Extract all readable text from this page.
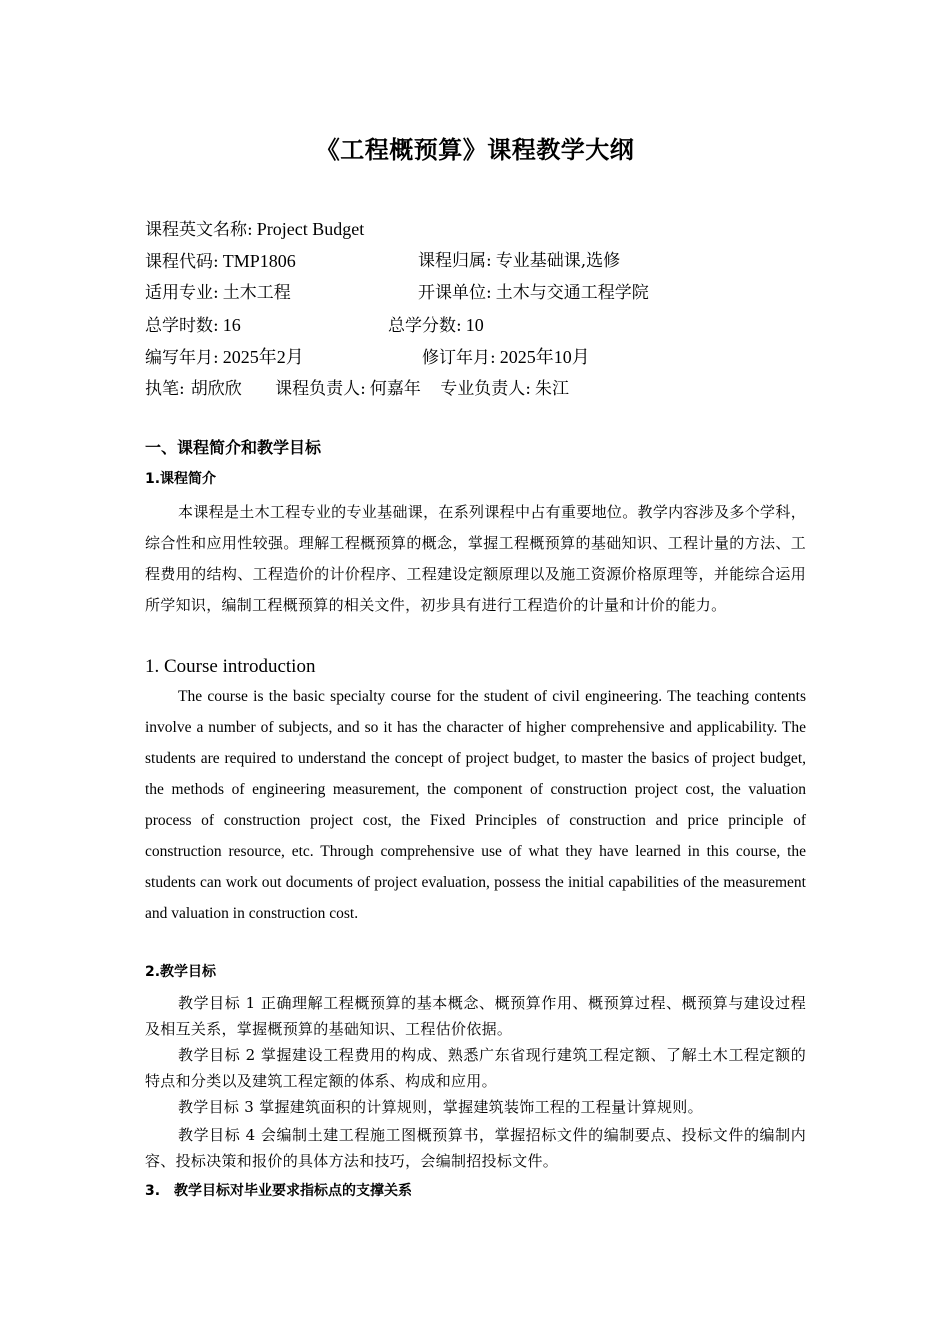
《工程概预算》课程教学大纲
课程英文名称: Project Budget
课程代码: TMP1806	课程归属: 专业基础课,选修
适用专业: 土木工程	开课单位: 土木与交通工程学院
总学时数: 16	总学分数: 10
编写年月: 2025年2月	修订年月: 2025年10月
执笔: 胡欣欣 课程负责人: 何嘉年 专业负责人: 朱江
一、课程简介和教学目标
1.课程简介
本课程是土木工程专业的专业基础课，在系列课程中占有重要地位。教学内容涉及多个学科，综合性和应用性较强。理解工程概预算的概念，掌握工程概预算的基础知识、工程计量的方法、工程费用的结构、工程造价的计价程序、工程建设定额原理以及施工资源价格原理等，并能综合运用所学知识，编制工程概预算的相关文件，初步具有进行工程造价的计量和计价的能力。
1. Course introduction
The course is the basic specialty course for the student of civil engineering. The teaching contents involve a number of subjects, and so it has the character of higher comprehensive and applicability. The students are required to understand the concept of project budget, to master the basics of project budget, the methods of engineering measurement, the component of construction project cost, the valuation process of construction project cost, the Fixed Principles of construction and price principle of construction resource, etc. Through comprehensive use of what they have learned in this course, the students can work out documents of project evaluation, possess the initial capabilities of the measurement and valuation in construction cost.
2.教学目标
教学目标 1 正确理解工程概预算的基本概念、概预算作用、概预算过程、概预算与建设过程及相互关系，掌握概预算的基础知识、工程估价依据。
教学目标 2 掌握建设工程费用的构成、熟悉广东省现行建筑工程定额、了解土木工程定额的特点和分类以及建筑工程定额的体系、构成和应用。
教学目标 3 掌握建筑面积的计算规则，掌握建筑装饰工程的工程量计算规则。
教学目标 4 会编制土建工程施工图概预算书，掌握招标文件的编制要点、投标文件的编制内容、投标决策和报价的具体方法和技巧，会编制招投标文件。
3.　教学目标对毕业要求指标点的支撑关系
